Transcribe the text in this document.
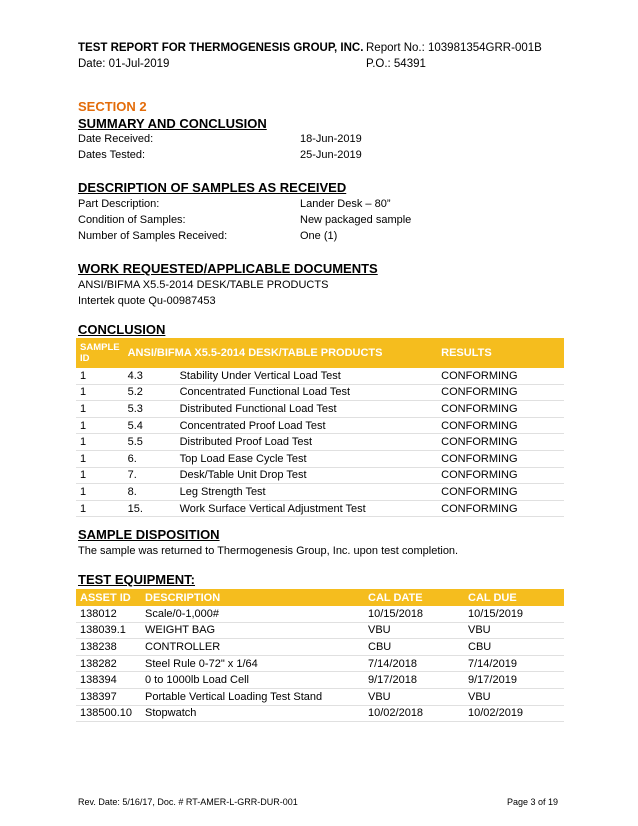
TEST REPORT FOR THERMOGENESIS GROUP, INC. Report No.: 103981354GRR-001B
Date: 01-Jul-2019	P.O.: 54391
SECTION 2
SUMMARY AND CONCLUSION
Date Received:	18-Jun-2019
Dates Tested:	25-Jun-2019
DESCRIPTION OF SAMPLES AS RECEIVED
Part Description:	Lander Desk – 80”
Condition of Samples:	New packaged sample
Number of Samples Received:	One (1)
WORK REQUESTED/APPLICABLE DOCUMENTS
ANSI/BIFMA X5.5-2014 DESK/TABLE PRODUCTS
Intertek quote Qu-00987453
CONCLUSION
SAMPLE ID	ANSI/BIFMA X5.5-2014 DESK/TABLE PRODUCTS	RESULTS
1	4.3 Stability Under Vertical Load Test	CONFORMING
1	5.2 Concentrated Functional Load Test	CONFORMING
1	5.3 Distributed Functional Load Test	CONFORMING
1	5.4 Concentrated Proof Load Test	CONFORMING
1	5.5 Distributed Proof Load Test	CONFORMING
1	6. Top Load Ease Cycle Test	CONFORMING
1	7. Desk/Table Unit Drop Test	CONFORMING
1	8. Leg Strength Test	CONFORMING
1	15. Work Surface Vertical Adjustment Test	CONFORMING
SAMPLE DISPOSITION
The sample was returned to Thermogenesis Group, Inc. upon test completion.
TEST EQUIPMENT:
ASSET ID	DESCRIPTION	CAL DATE	CAL DUE
138012	Scale/0-1,000#	10/15/2018	10/15/2019
138039.1	WEIGHT BAG	VBU	VBU
138238	CONTROLLER	CBU	CBU
138282	Steel Rule 0-72" x 1/64	7/14/2018	7/14/2019
138394	0 to 1000lb Load Cell	9/17/2018	9/17/2019
138397	Portable Vertical Loading Test Stand	VBU	VBU
138500.10	Stopwatch	10/02/2018	10/02/2019
Rev. Date: 5/16/17, Doc. # RT-AMER-L-GRR-DUR-001	Page 3 of 19
